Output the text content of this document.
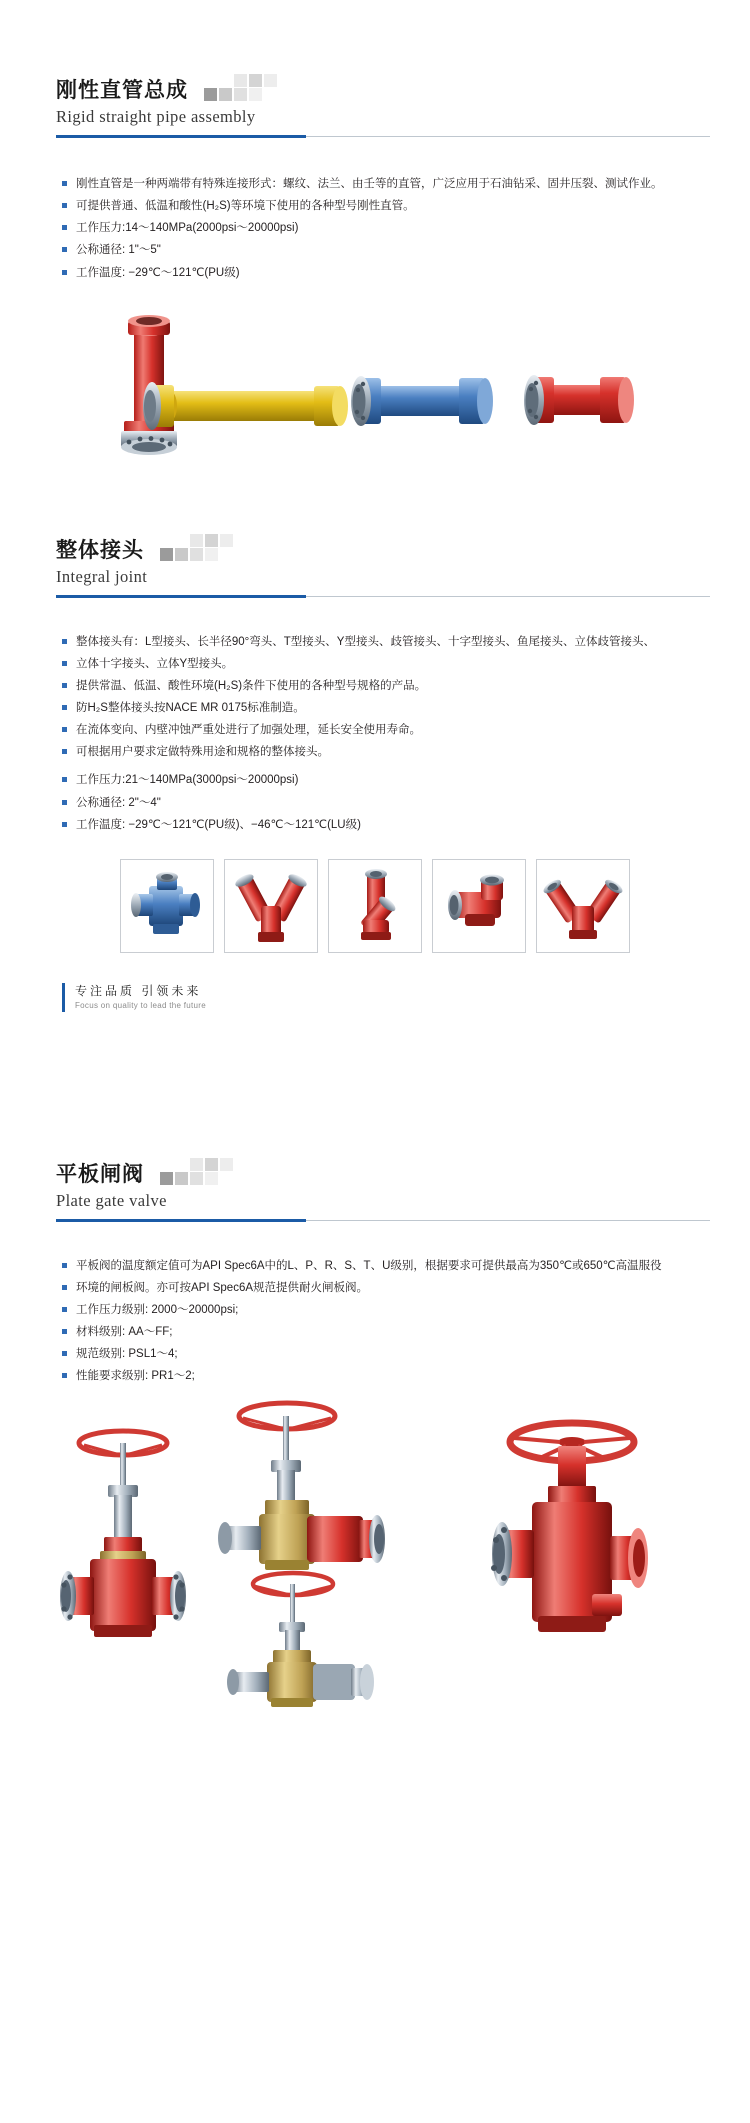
刚性直管总成
Rigid straight pipe assembly
刚性直管是一种两端带有特殊连接形式：螺纹、法兰、由壬等的直管，广泛应用于石油钻采、固井压裂、测试作业。
可提供普通、低温和酸性(H₂S)等环境下使用的各种型号刚性直管。
工作压力:14～140MPa(2000psi～20000psi)
公称通径: 1"～5"
工作温度: −29℃～121℃(PU级)
整体接头
Integral joint
整体接头有：L型接头、长半径90°弯头、T型接头、Y型接头、歧管接头、十字型接头、鱼尾接头、立体歧管接头、
立体十字接头、立体Y型接头。
提供常温、低温、酸性环境(H₂S)条件下使用的各种型号规格的产品。
防H₂S整体接头按NACE MR 0175标准制造。
在流体变向、内壁冲蚀严重处进行了加强处理，延长安全使用寿命。
可根据用户要求定做特殊用途和规格的整体接头。
工作压力:21～140MPa(3000psi～20000psi)
公称通径: 2"～4"
工作温度: −29℃～121℃(PU级)、−46℃～121℃(LU级)
专注品质 引领未来
Focus on quality to lead the future
平板闸阀
Plate gate valve
平板阀的温度额定值可为API Spec6A中的L、P、R、S、T、U级别，根据要求可提供最高为350℃或650℃高温服役
环境的闸板阀。亦可按API Spec6A规范提供耐火闸板阀。
工作压力级别: 2000～20000psi;
材料级别: AA～FF;
规范级别: PSL1～4;
性能要求级别: PR1～2;
